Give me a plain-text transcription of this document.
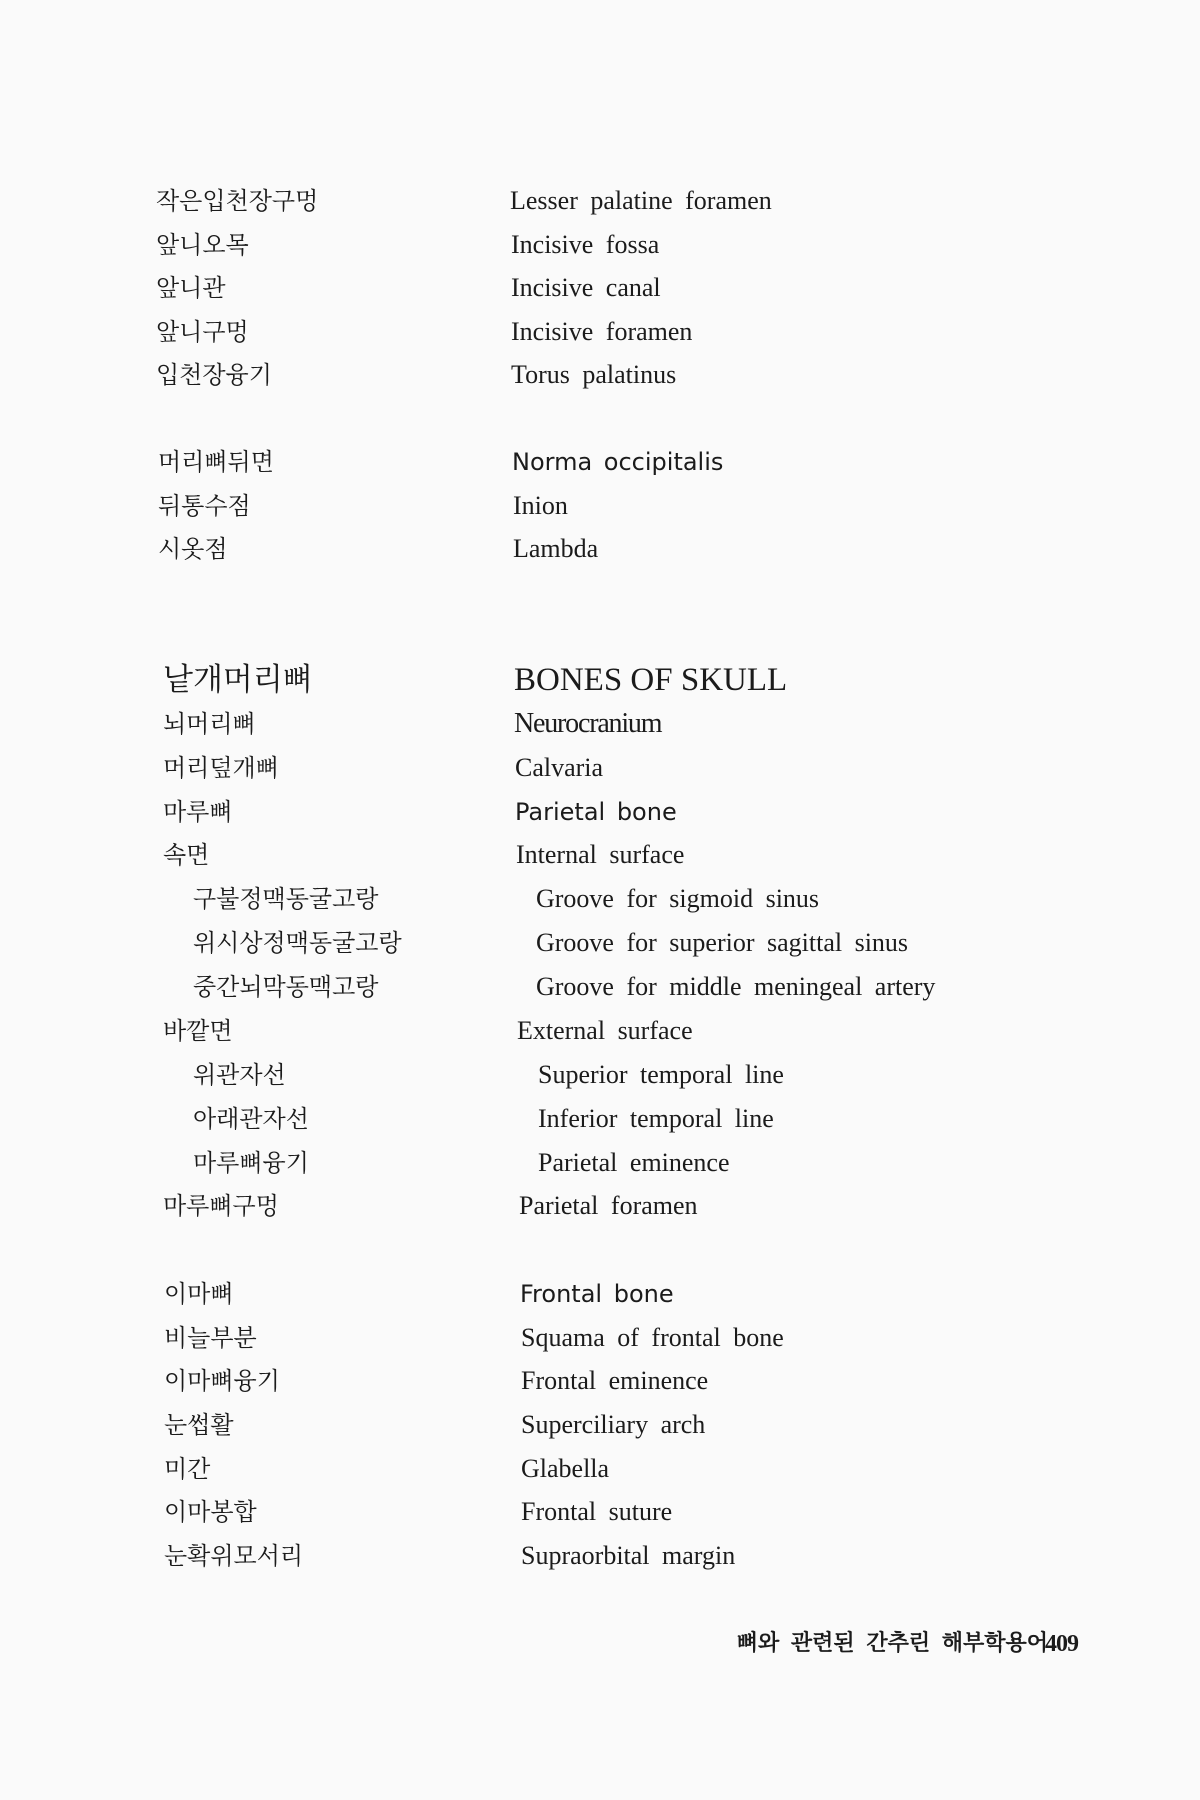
작은입천장구멍	Lesser palatine foramen
앞니오목	Incisive fossa
앞니관	Incisive canal
앞니구멍	Incisive foramen
입천장융기	Torus palatinus
머리뼈뒤면	Norma occipitalis
뒤통수점	Inion
시옷점	Lambda
낱개머리뼈	BONES OF SKULL
뇌머리뼈	Neurocranium
머리덮개뼈	Calvaria
마루뼈	Parietal bone
속면	Internal surface
구불정맥동굴고랑	Groove for sigmoid sinus
위시상정맥동굴고랑	Groove for superior sagittal sinus
중간뇌막동맥고랑	Groove for middle meningeal artery
바깥면	External surface
위관자선	Superior temporal line
아래관자선	Inferior temporal line
마루뼈융기	Parietal eminence
마루뼈구멍	Parietal foramen
이마뼈	Frontal bone
비늘부분	Squama of frontal bone
이마뼈융기	Frontal eminence
눈썹활	Superciliary arch
미간	Glabella
이마봉합	Frontal suture
눈확위모서리	Supraorbital margin
뼈와 관련된 간추린 해부학용어
409
